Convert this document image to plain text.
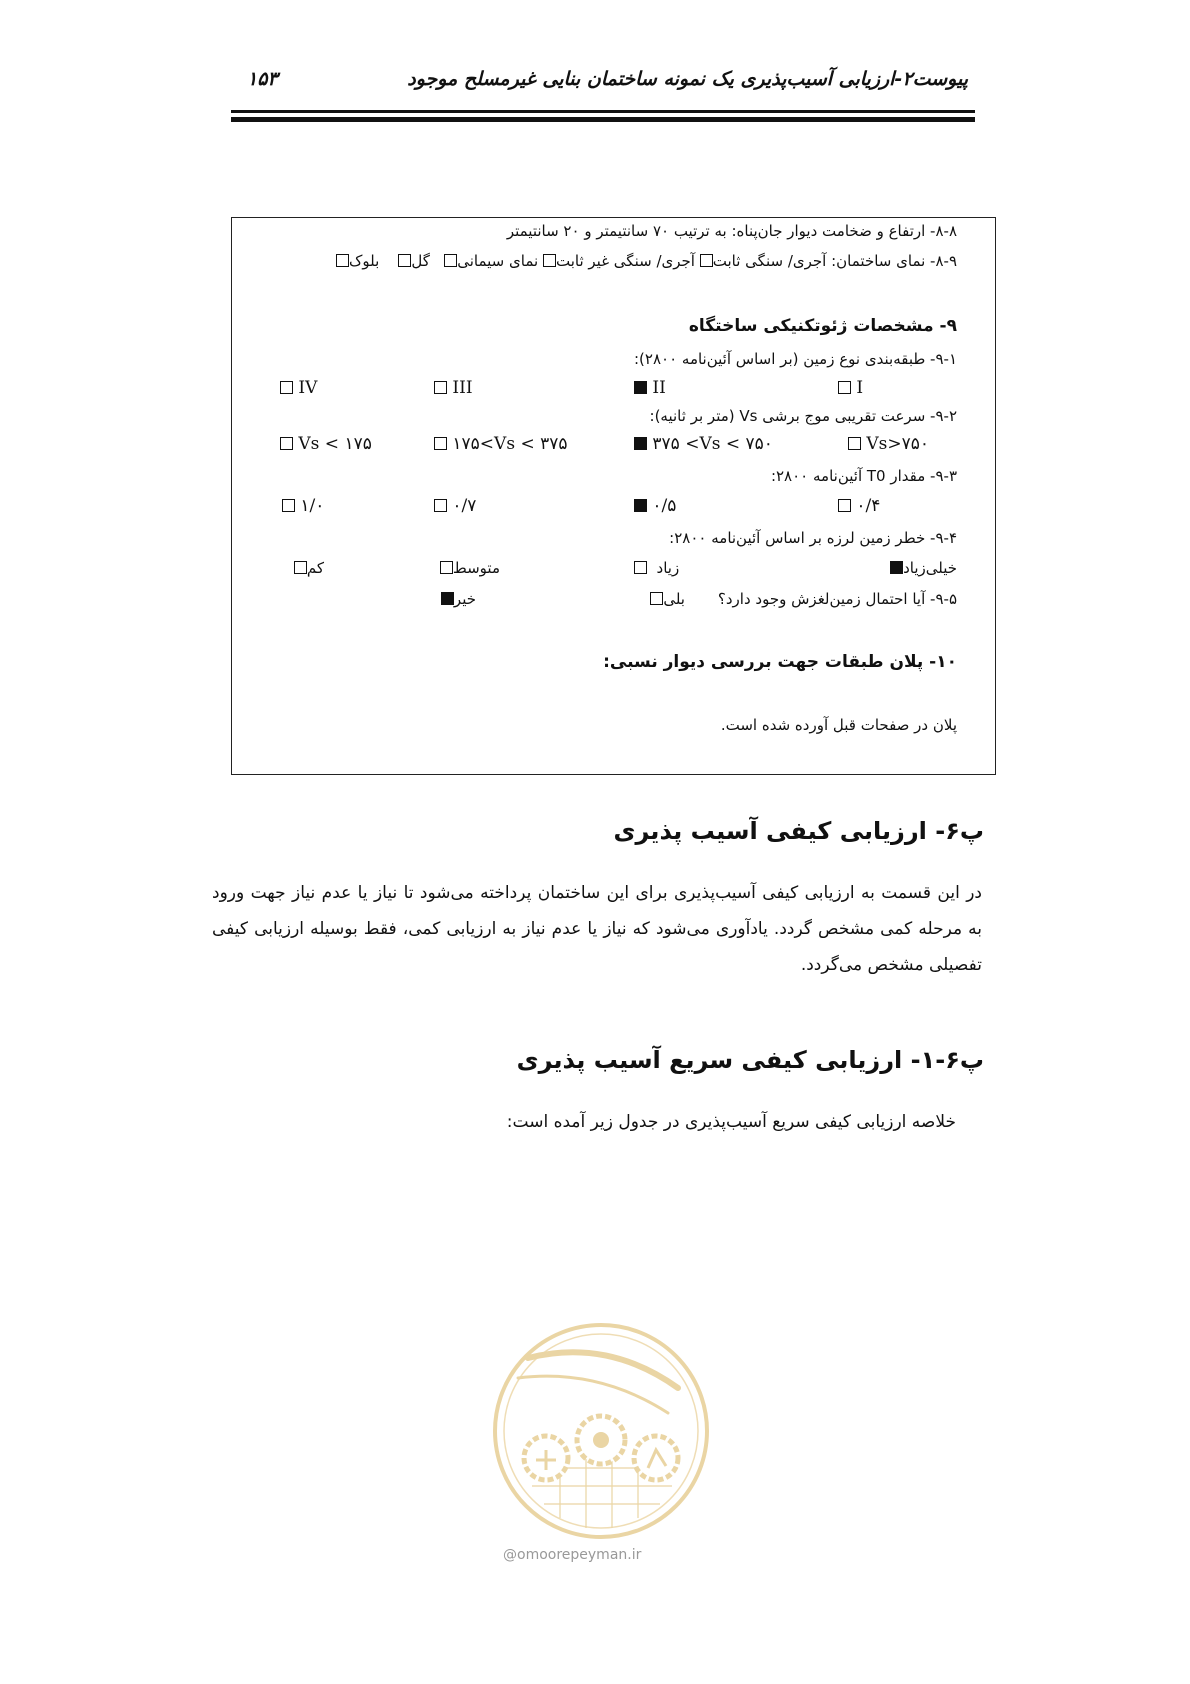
پیوست۲-ارزیابی آسیب‌پذیری یک نمونه ساختمان بنایی غیرمسلح موجود
۱۵۳
۸-۸- ارتفاع و ضخامت دیوار جان‌پناه: به ترتیب ۷۰ سانتیمتر و ۲۰ سانتیمتر
۸-۹- نمای ساختمان: آجری/ سنگی ثابت آجری/ سنگی غیر ثابت نمای سیمانی   گل    بلوک
۹- مشخصات ژئوتکنیکی ساختگاه
۹-۱- طبقه‌بندی نوع زمین (بر اساس آئین‌نامه ۲۸۰۰):
I
II
III
IV
۹-۲- سرعت تقریبی موج برشی Vs (متر بر ثانیه):
Vs>۷۵۰
۳۷۵ <Vs < ۷۵۰
۱۷۵<Vs < ۳۷۵
Vs < ۱۷۵
۹-۳- مقدار T0 آئین‌نامه ۲۸۰۰:
۰/۴
۰/۵
۰/۷
۱/۰
۹-۴- خطر زمین لرزه بر اساس آئین‌نامه ۲۸۰۰:
خیلی‌زیاد
زیاد
متوسط
کم
۹-۵- آیا احتمال زمین‌لغزش وجود دارد؟
بلی
خیر
۱۰- پلان طبقات جهت بررسی دیوار نسبی:
پلان در صفحات قبل آورده شده است.
پ۶- ارزیابی کیفی آسیب پذیری
در این قسمت به ارزیابی کیفی آسیب‌پذیری برای این ساختمان پرداخته می‌شود تا نیاز یا عدم نیاز جهت ورود به مرحله کمی مشخص گردد. یادآوری می‌شود که نیاز یا عدم نیاز به ارزیابی کمی، فقط بوسیله ارزیابی کیفی تفصیلی مشخص می‌گردد.
پ۶-۱- ارزیابی کیفی سریع آسیب پذیری
خلاصه ارزیابی کیفی سریع آسیب‌پذیری در جدول زیر آمده است:
@omoorepeyman.ir
